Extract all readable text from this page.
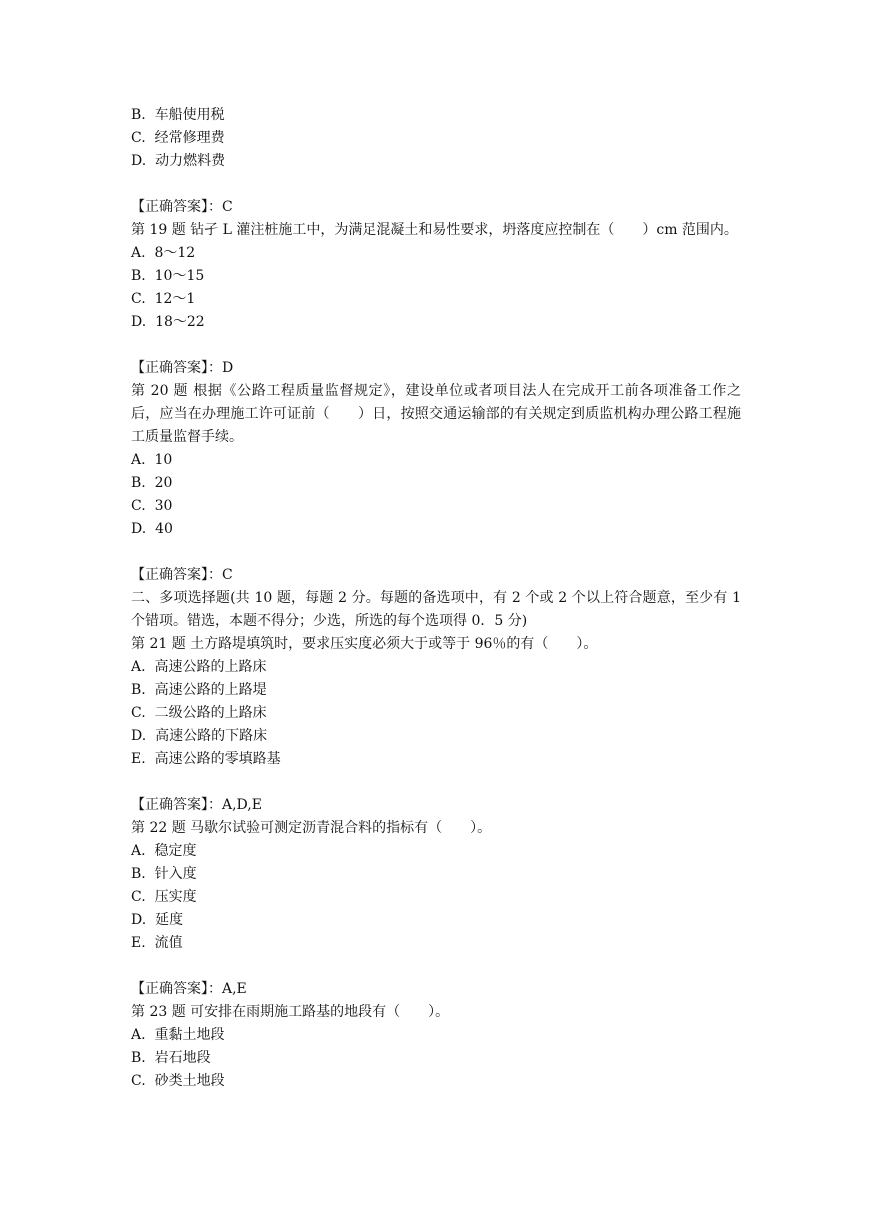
B.  车船使用税
C.  经常修理费
D.  动力燃料费
【正确答案】：C
第 19 题 钻孑 L 灌注桩施工中，为满足混凝土和易性要求，坍落度应控制在（　　）cm 范围内。
A.  8～12
B.  10～15
C.  12～1
D.  18～22
【正确答案】：D
第 20 题 根据《公路工程质量监督规定》，建设单位或者项目法人在完成开工前各项准备工作之后，应当在办理施工许可证前（　　）日，按照交通运输部的有关规定到质监机构办理公路工程施工质量监督手续。
A.  10
B.  20
C.  30
D.  40
【正确答案】：C
二、多项选择题(共 10 题，每题 2 分。每题的备选项中，有 2 个或 2 个以上符合题意，至少有 1 个错项。错选，本题不得分；少选，所选的每个选项得 0．5 分)
第 21 题 土方路堤填筑时，要求压实度必须大于或等于 96％的有（　　）。
A.  高速公路的上路床
B.  高速公路的上路堤
C.  二级公路的上路床
D.  高速公路的下路床
E.  高速公路的零填路基
【正确答案】：A,D,E
第 22 题 马歇尔试验可测定沥青混合料的指标有（　　）。
A.  稳定度
B.  针入度
C.  压实度
D.  延度
E.  流值
【正确答案】：A,E
第 23 题 可安排在雨期施工路基的地段有（　　）。
A.  重黏土地段
B.  岩石地段
C.  砂类土地段
